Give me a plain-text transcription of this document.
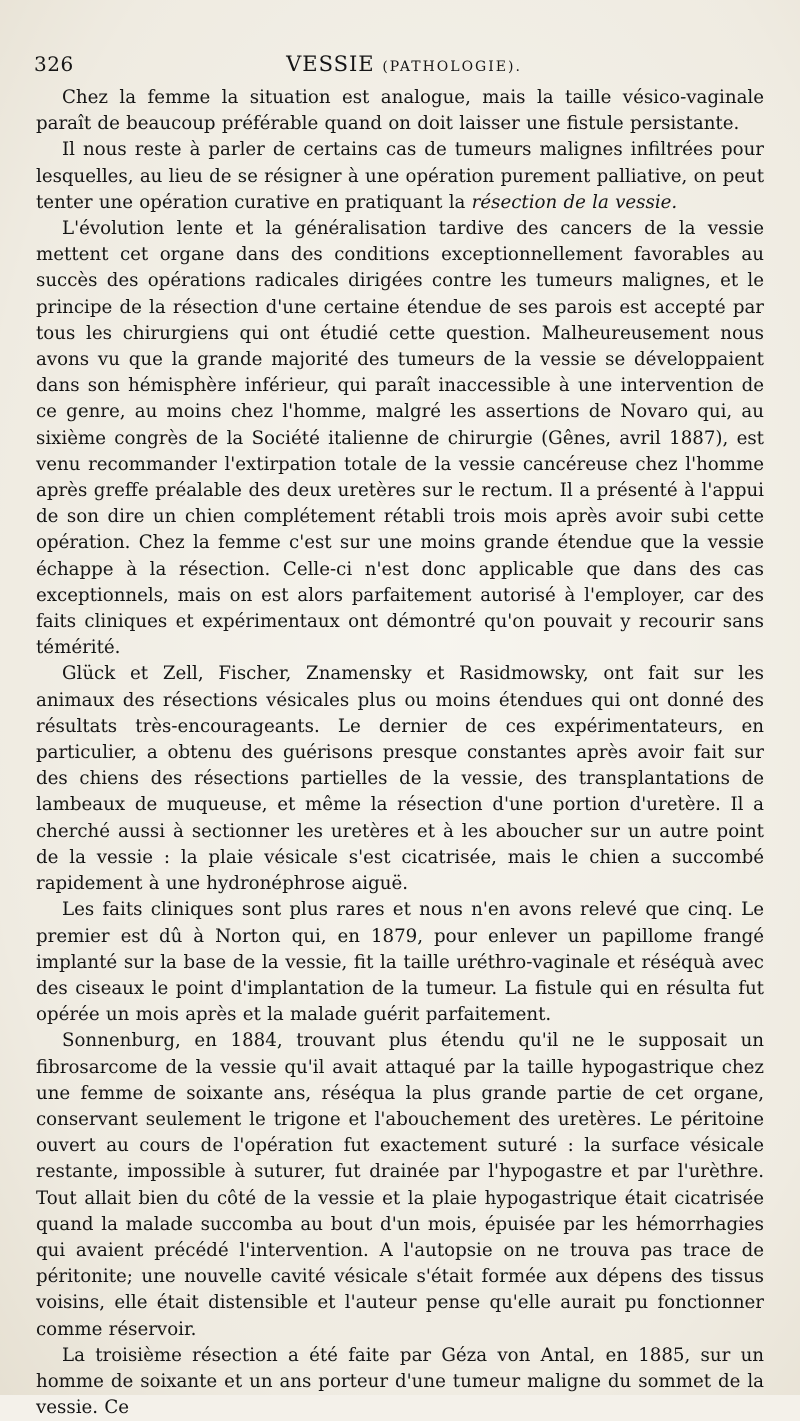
326	VESSIE (PATHOLOGIE).

Chez la femme la situation est analogue, mais la taille vésico-vaginale paraît de beaucoup préférable quand on doit laisser une fistule persistante.

Il nous reste à parler de certains cas de tumeurs malignes infiltrées pour lesquelles, au lieu de se résigner à une opération purement palliative, on peut tenter une opération curative en pratiquant la résection de la vessie.

L'évolution lente et la généralisation tardive des cancers de la vessie mettent cet organe dans des conditions exceptionnellement favorables au succès des opérations radicales dirigées contre les tumeurs malignes, et le principe de la résection d'une certaine étendue de ses parois est accepté par tous les chirurgiens qui ont étudié cette question. Malheureusement nous avons vu que la grande majorité des tumeurs de la vessie se développaient dans son hémisphère inférieur, qui paraît inaccessible à une intervention de ce genre, au moins chez l'homme, malgré les assertions de Novaro qui, au sixième congrès de la Société italienne de chirurgie (Gênes, avril 1887), est venu recommander l'extirpation totale de la vessie cancéreuse chez l'homme après greffe préalable des deux uretères sur le rectum. Il a présenté à l'appui de son dire un chien complétement rétabli trois mois après avoir subi cette opération. Chez la femme c'est sur une moins grande étendue que la vessie échappe à la résection. Celle-ci n'est donc applicable que dans des cas exceptionnels, mais on est alors parfaitement autorisé à l'employer, car des faits cliniques et expérimentaux ont démontré qu'on pouvait y recourir sans témérité.

Glück et Zell, Fischer, Znamensky et Rasidmowsky, ont fait sur les animaux des résections vésicales plus ou moins étendues qui ont donné des résultats très-encourageants. Le dernier de ces expérimentateurs, en particulier, a obtenu des guérisons presque constantes après avoir fait sur des chiens des résections partielles de la vessie, des transplantations de lambeaux de muqueuse, et même la résection d'une portion d'uretère. Il a cherché aussi à sectionner les uretères et à les aboucher sur un autre point de la vessie : la plaie vésicale s'est cicatrisée, mais le chien a succombé rapidement à une hydronéphrose aiguë.

Les faits cliniques sont plus rares et nous n'en avons relevé que cinq. Le premier est dû à Norton qui, en 1879, pour enlever un papillome frangé implanté sur la base de la vessie, fit la taille uréthro-vaginale et réséquà avec des ciseaux le point d'implantation de la tumeur. La fistule qui en résulta fut opérée un mois après et la malade guérit parfaitement.

Sonnenburg, en 1884, trouvant plus étendu qu'il ne le supposait un fibrosarcome de la vessie qu'il avait attaqué par la taille hypogastrique chez une femme de soixante ans, réséqua la plus grande partie de cet organe, conservant seulement le trigone et l'abouchement des uretères. Le péritoine ouvert au cours de l'opération fut exactement suturé : la surface vésicale restante, impossible à suturer, fut drainée par l'hypogastre et par l'urèthre. Tout allait bien du côté de la vessie et la plaie hypogastrique était cicatrisée quand la malade succomba au bout d'un mois, épuisée par les hémorrhagies qui avaient précédé l'intervention. A l'autopsie on ne trouva pas trace de péritonite; une nouvelle cavité vésicale s'était formée aux dépens des tissus voisins, elle était distensible et l'auteur pense qu'elle aurait pu fonctionner comme réservoir.

La troisième résection a été faite par Géza von Antal, en 1885, sur un homme de soixante et un ans porteur d'une tumeur maligne du sommet de la vessie. Ce
